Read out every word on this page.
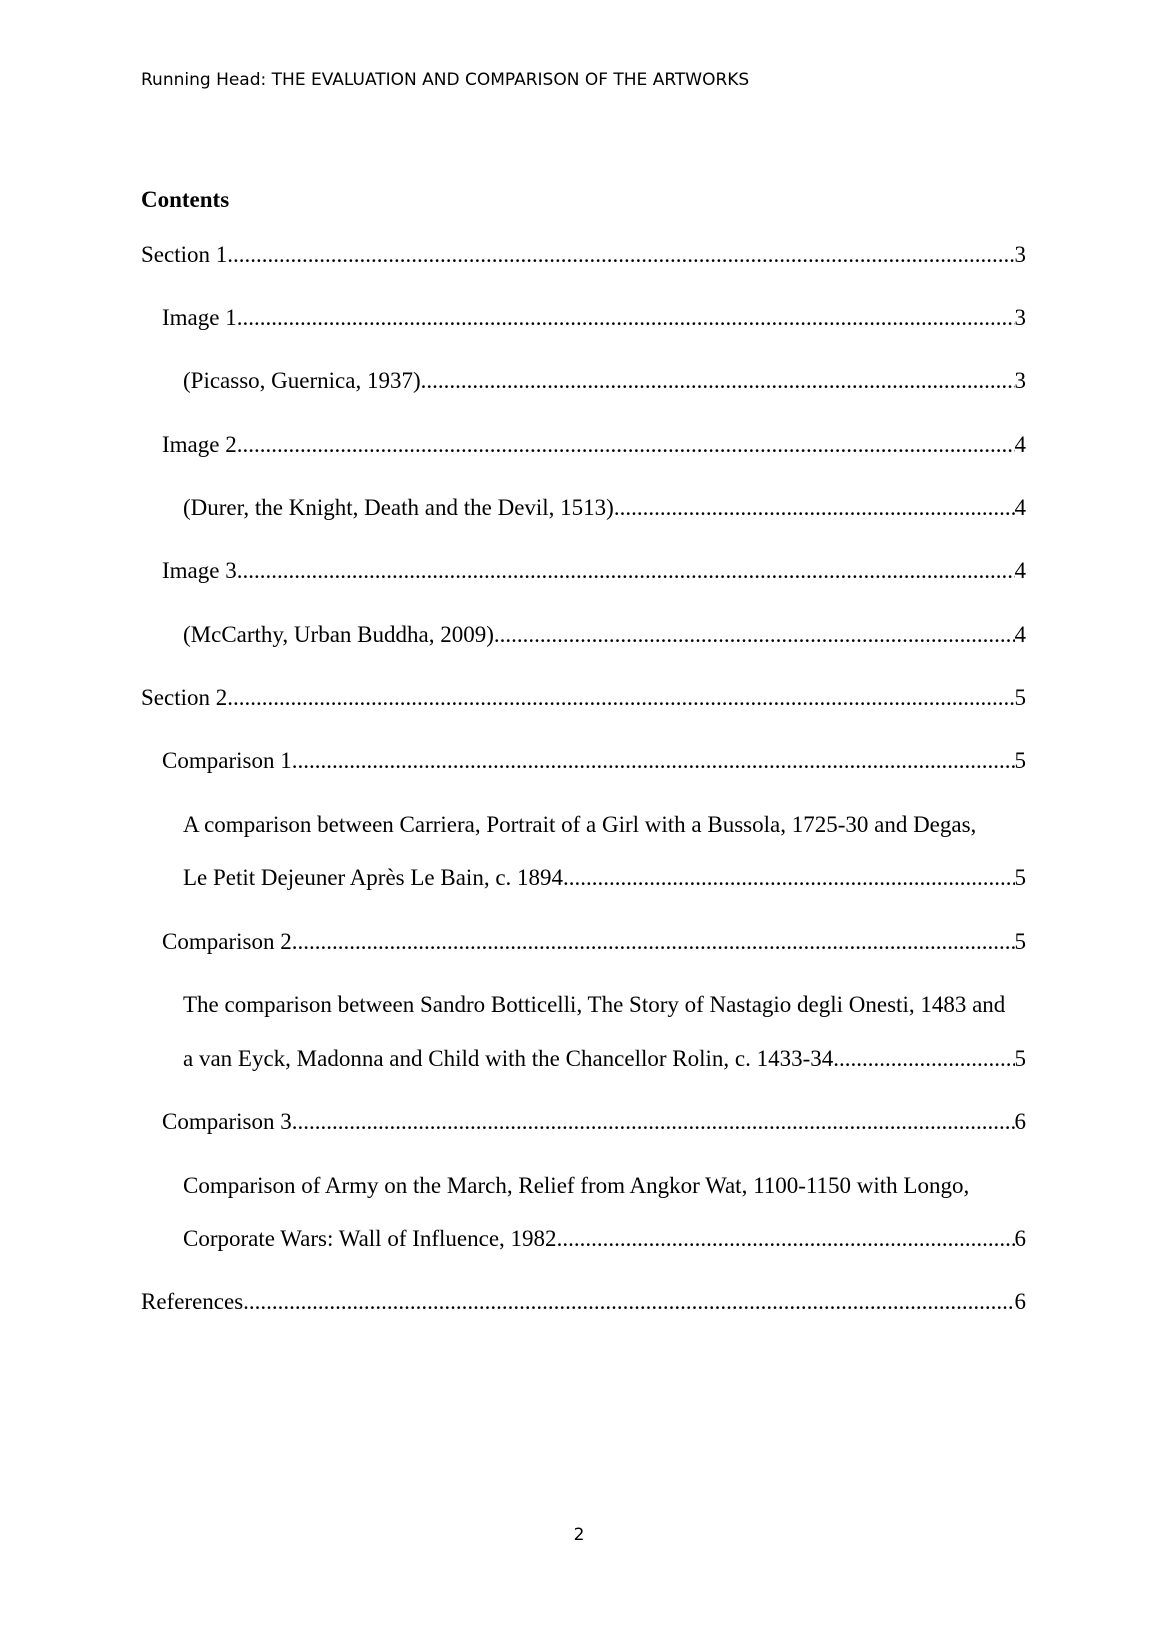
Running Head: THE EVALUATION AND COMPARISON OF THE ARTWORKS
Contents
Section 1 .....	3
Image 1 .....	3
(Picasso, Guernica, 1937) .....	3
Image 2 .....	4
(Durer, the Knight, Death and the Devil, 1513) .....	4
Image 3 .....	4
(McCarthy, Urban Buddha, 2009) .....	4
Section 2 .....	5
Comparison 1 .....	5
A comparison between Carriera, Portrait of a Girl with a Bussola, 1725-30 and Degas,
Le Petit Dejeuner Après Le Bain, c. 1894 .....	5
Comparison 2 .....	5
The comparison between Sandro Botticelli, The Story of Nastagio degli Onesti, 1483 and
a van Eyck, Madonna and Child with the Chancellor Rolin, c. 1433-34 .....	5
Comparison 3 .....	6
Comparison of Army on the March, Relief from Angkor Wat, 1100-1150 with Longo,
Corporate Wars: Wall of Influence, 1982 .....	6
References .....	6
2
